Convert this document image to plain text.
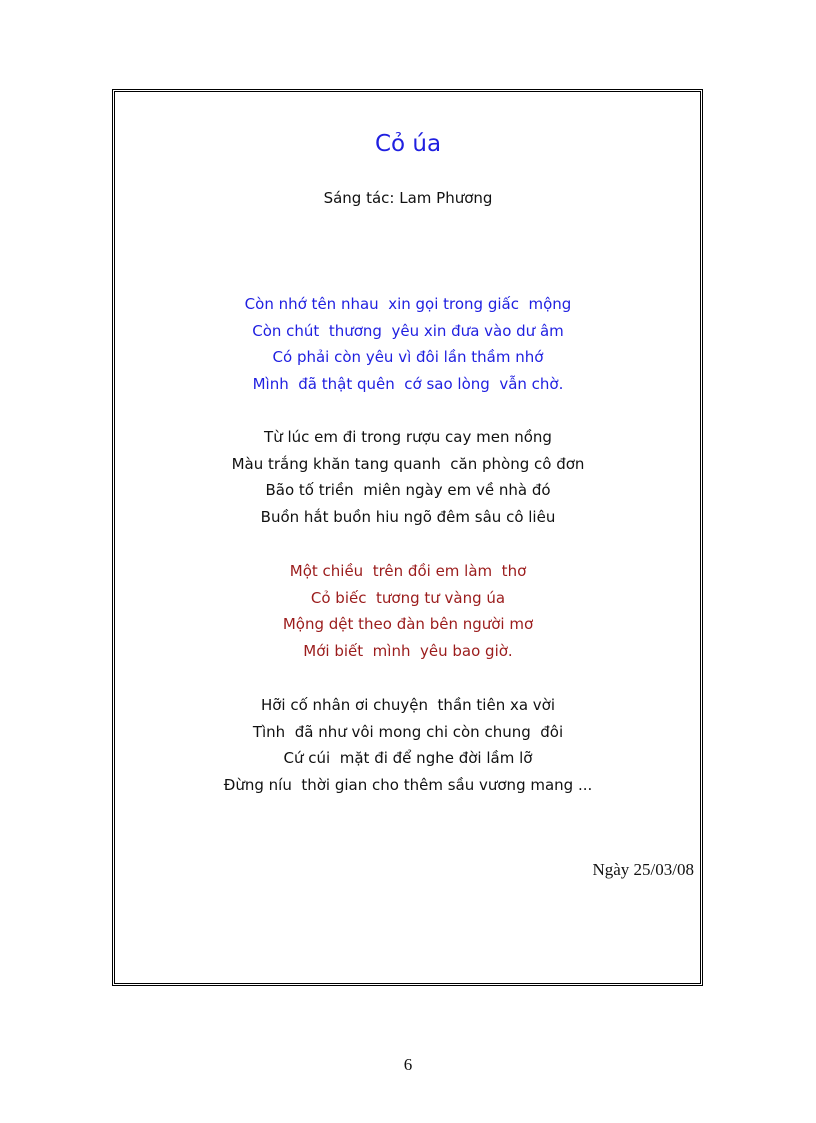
Cỏ úa
Sáng tác: Lam Phương
Còn nhớ tên nhau  xin gọi trong giấc  mộng
Còn chút  thương  yêu xin đưa vào dư âm
Có phải còn yêu vì đôi lần thầm nhớ
Mình  đã thật quên  cớ sao lòng  vẫn chờ.
Từ lúc em đi trong rượu cay men nồng
Màu trắng khăn tang quanh  căn phòng cô đơn
Bão tố triền  miên ngày em về nhà đó
Buồn hắt buồn hiu ngõ đêm sâu cô liêu
Một chiều  trên đồi em làm  thơ
Cỏ biếc  tương tư vàng úa
Mộng dệt theo đàn bên người mơ
Mới biết  mình  yêu bao giờ.
Hỡi cố nhân ơi chuyện  thần tiên xa vời
Tình  đã như vôi mong chi còn chung  đôi
Cứ cúi  mặt đi để nghe đời lầm lỡ
Đừng níu  thời gian cho thêm sầu vương mang ...
Ngày 25/03/08
6
